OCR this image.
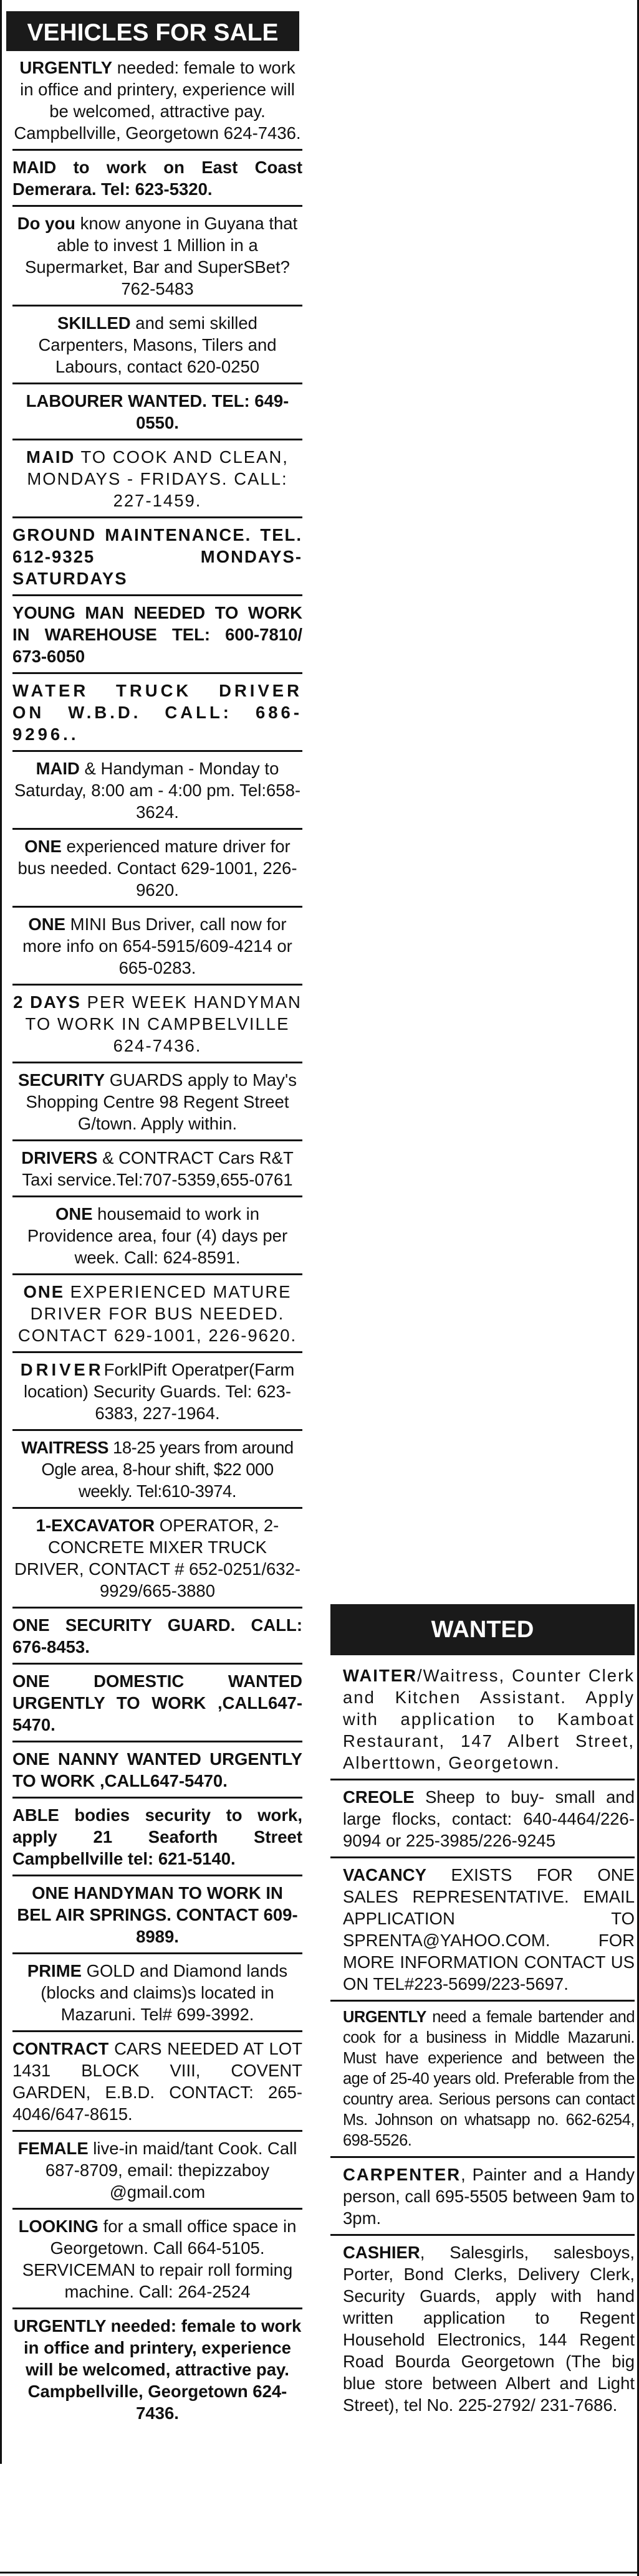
VEHICLES FOR SALE
URGENTLY needed: female to work in office and printery, experience will be welcomed, attractive pay. Campbellville, Georgetown 624-7436.
MAID to work on East Coast Demerara. Tel: 623-5320.
Do you know anyone in Guyana that able to invest 1 Million in a Supermarket, Bar and SuperSBet? 762-5483
SKILLED and semi skilled Carpenters, Masons, Tilers and Labours, contact 620-0250
LABOURER WANTED. TEL: 649-0550.
MAID TO COOK AND CLEAN, MONDAYS - FRIDAYS. CALL: 227-1459.
GROUND MAINTENANCE. TEL. 612-9325 MONDAYS-SATURDAYS
YOUNG MAN NEEDED TO WORK IN WAREHOUSE TEL: 600-7810/ 673-6050
WATER TRUCK DRIVER ON W.B.D. CALL: 686-9296..
MAID & Handyman - Monday to Saturday, 8:00 am - 4:00 pm. Tel:658-3624.
ONE experienced mature driver for bus needed. Contact 629-1001, 226-9620.
ONE MINI Bus Driver, call now for more info on 654-5915/609-4214 or 665-0283.
2 DAYS PER WEEK HANDYMAN TO WORK IN CAMPBELVILLE 624-7436.
SECURITY GUARDS apply to May's Shopping Centre 98 Regent Street G/town. Apply within.
DRIVERS & CONTRACT Cars R&T Taxi service.Tel:707-5359,655-0761
ONE housemaid to work in Providence area, four (4) days per week. Call: 624-8591.
ONE EXPERIENCED MATURE DRIVER FOR BUS NEEDED. CONTACT 629-1001, 226-9620.
DRIVERForklPift Operatper(Farm location) Security Guards. Tel: 623-6383, 227-1964.
WAITRESS 18-25 years from around Ogle area, 8-hour shift, $22 000 weekly. Tel:610-3974.
1-EXCAVATOR OPERATOR, 2- CONCRETE MIXER TRUCK DRIVER, CONTACT # 652-0251/632-9929/665-3880
ONE SECURITY GUARD. CALL: 676-8453.
ONE DOMESTIC WANTED URGENTLY TO WORK ,CALL647-5470.
ONE NANNY WANTED URGENTLY TO WORK ,CALL647-5470.
ABLE bodies security to work, apply 21 Seaforth Street Campbellville tel: 621-5140.
ONE HANDYMAN TO WORK IN BEL AIR SPRINGS. CONTACT 609-8989.
PRIME GOLD and Diamond lands (blocks and claims)s located in Mazaruni. Tel# 699-3992.
CONTRACT CARS NEEDED AT LOT 1431 BLOCK VIII, COVENT GARDEN, E.B.D. CONTACT: 265-4046/647-8615.
FEMALE live-in maid/tant Cook. Call 687-8709, email: thepizzaboy @gmail.com
LOOKING for a small office space in Georgetown. Call 664-5105. SERVICEMAN to repair roll forming machine. Call: 264-2524
URGENTLY needed: female to work in office and printery, experience will be welcomed, attractive pay. Campbellville, Georgetown 624-7436.
WANTED
WAITER/Waitress, Counter Clerk and Kitchen Assistant. Apply with application to Kamboat Restaurant, 147 Albert Street, Alberttown, Georgetown.
CREOLE Sheep to buy- small and large flocks, contact: 640-4464/226-9094 or 225-3985/226-9245
VACANCY EXISTS FOR ONE SALES REPRESENTATIVE. EMAIL APPLICATION TO SPRENTA@YAHOO.COM. FOR MORE INFORMATION CONTACT US ON TEL#223-5699/223-5697.
URGENTLY need a female bartender and cook for a business in Middle Mazaruni. Must have experience and between the age of 25-40 years old. Preferable from the country area. Serious persons can contact Ms. Johnson on whatsapp no. 662-6254, 698-5526.
CARPENTER, Painter and a Handy person, call 695-5505 between 9am to 3pm.
CASHIER, Salesgirls, salesboys, Porter, Bond Clerks, Delivery Clerk, Security Guards, apply with hand written application to Regent Household Electronics, 144 Regent Road Bourda Georgetown (The big blue store between Albert and Light Street), tel No. 225-2792/ 231-7686.
